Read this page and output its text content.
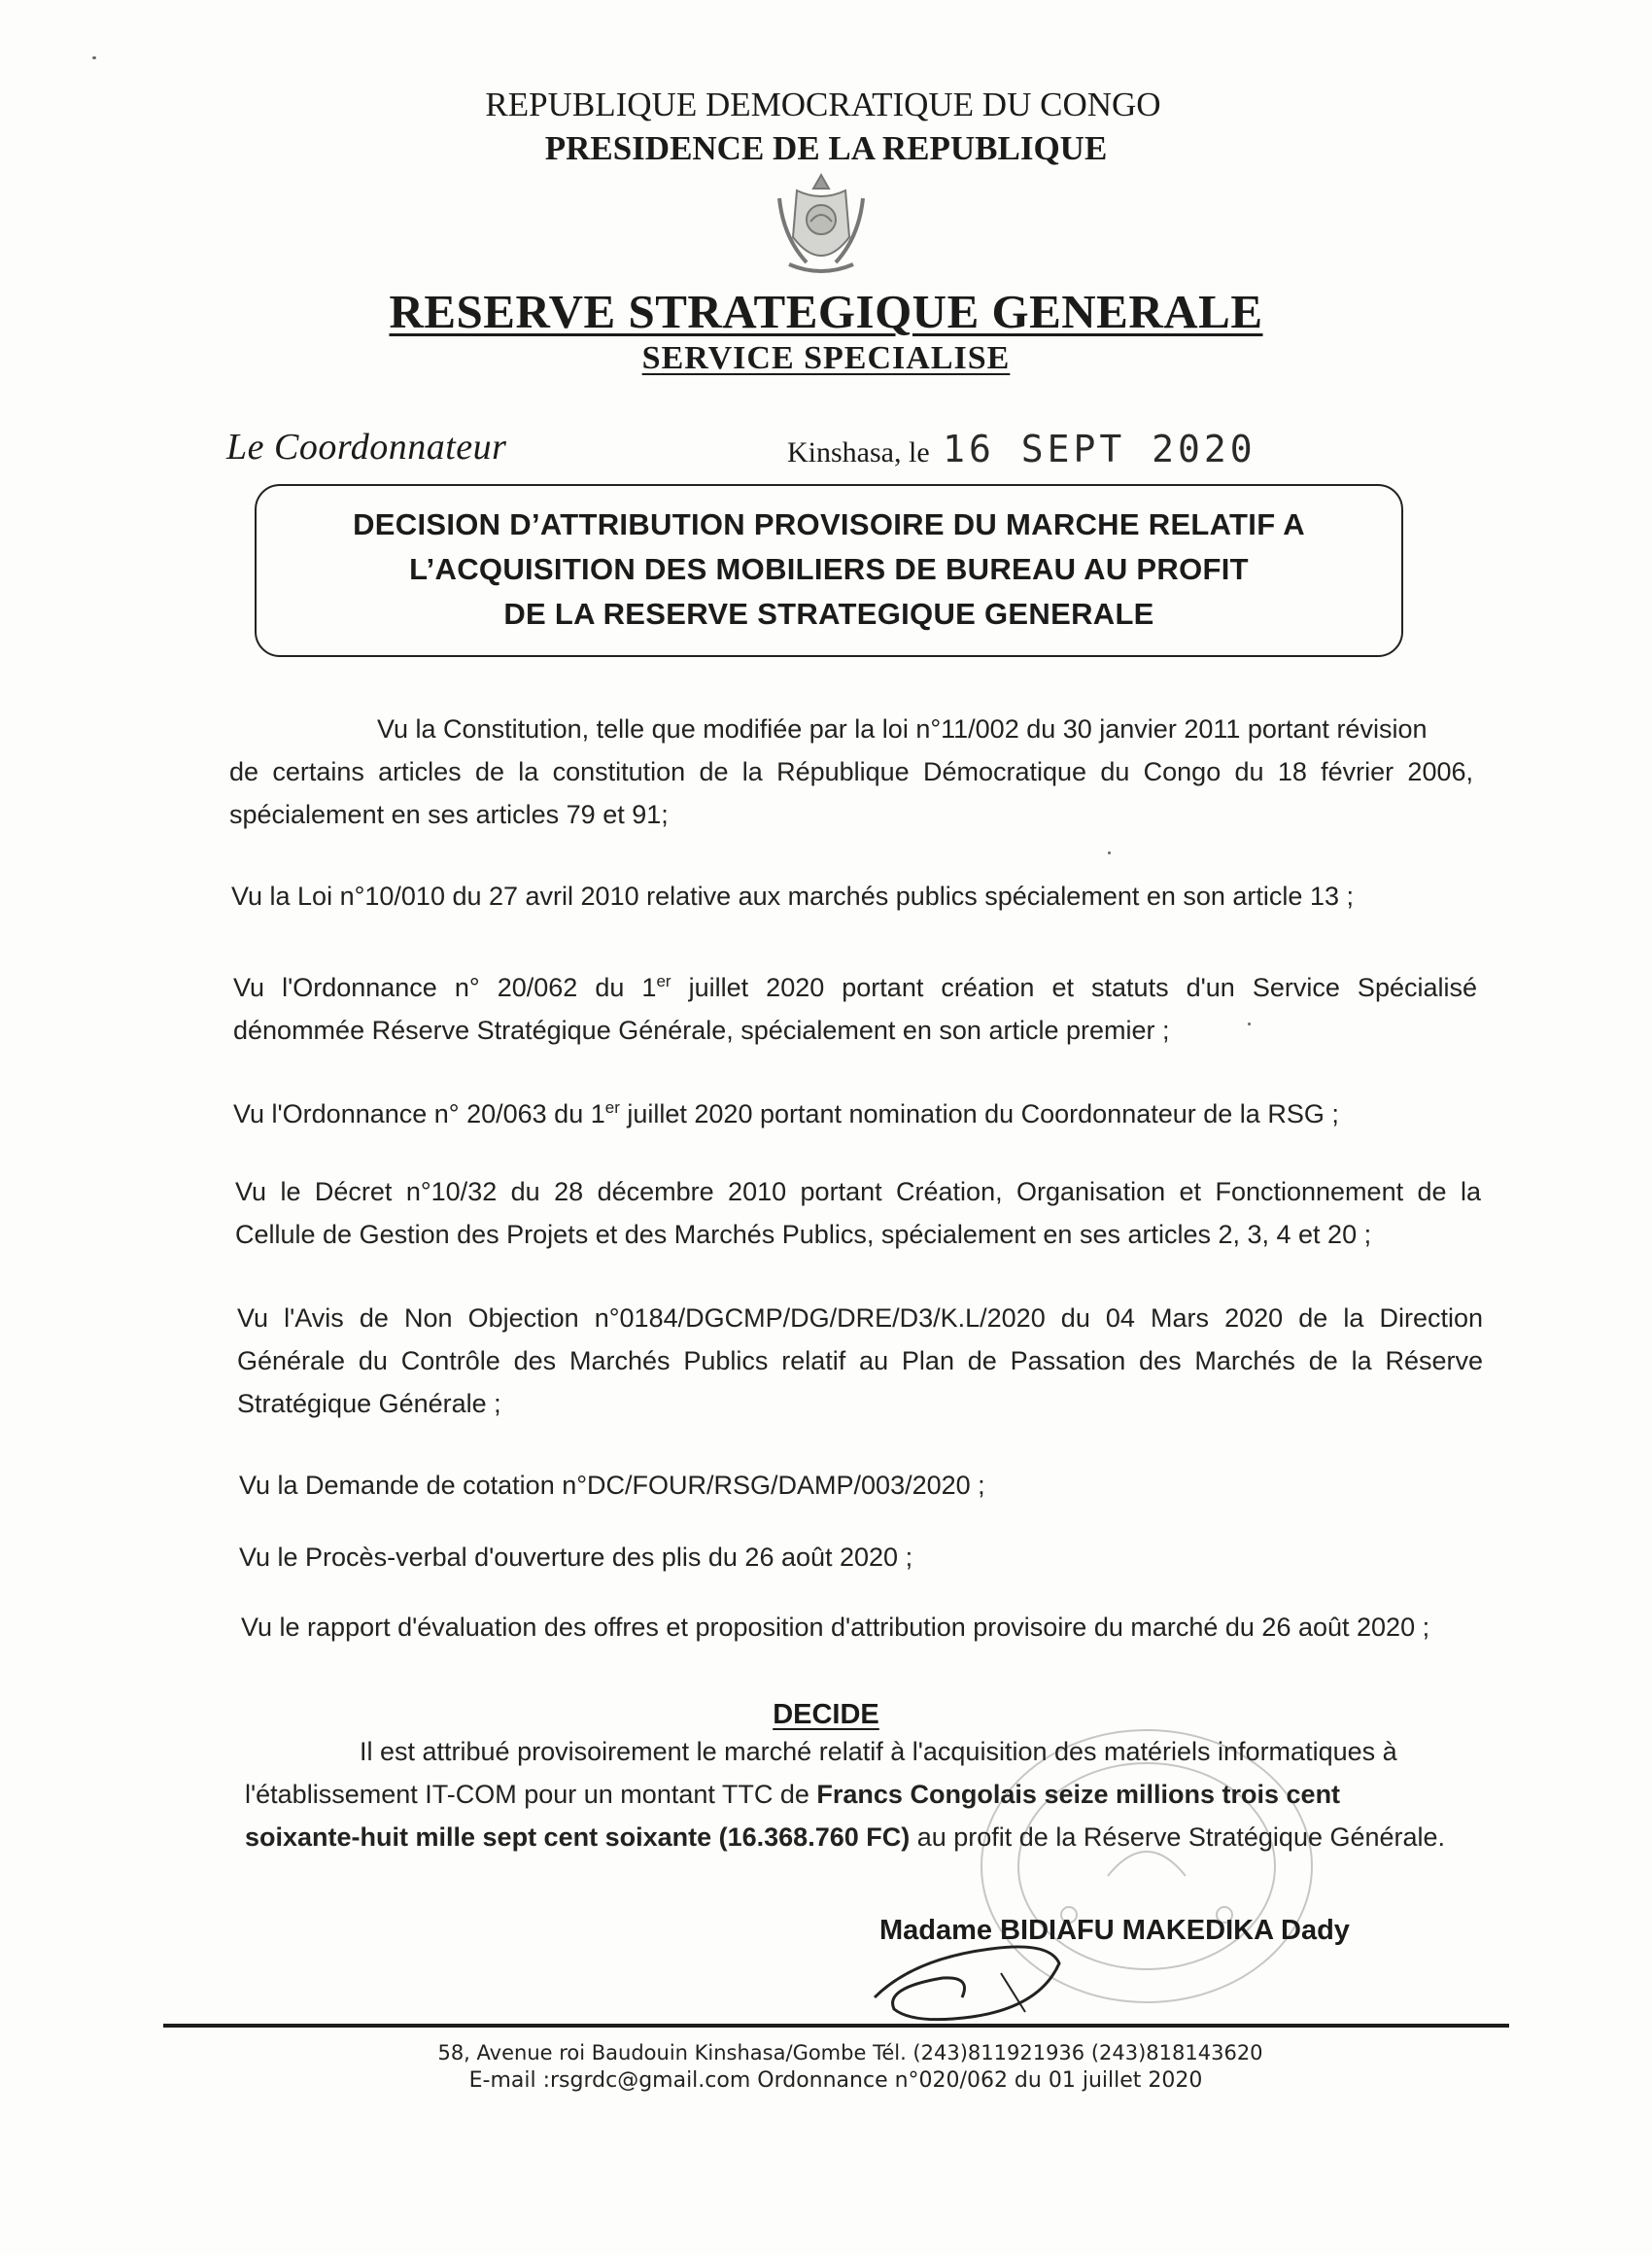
REPUBLIQUE DEMOCRATIQUE DU CONGO
PRESIDENCE DE LA REPUBLIQUE
RESERVE STRATEGIQUE GENERALE
SERVICE SPECIALISE
Le Coordonnateur	Kinshasa, le 16 SEPT 2020
DECISION D’ATTRIBUTION PROVISOIRE DU MARCHE RELATIF A
L’ACQUISITION DES MOBILIERS DE BUREAU AU PROFIT
DE LA RESERVE STRATEGIQUE GENERALE
Vu la Constitution, telle que modifiée par la loi n°11/002 du 30 janvier 2011 portant révision
de certains articles de la constitution de la République Démocratique du Congo du 18 février 2006,
spécialement en ses articles 79 et 91;
Vu la Loi n°10/010 du 27 avril 2010 relative aux marchés publics spécialement en son article 13 ;
Vu l'Ordonnance n° 20/062 du 1er juillet 2020 portant création et statuts d'un Service Spécialisé
dénommée Réserve Stratégique Générale, spécialement en son article premier ;
Vu l'Ordonnance n° 20/063 du 1er juillet 2020 portant nomination du Coordonnateur de la RSG ;
Vu le Décret n°10/32 du 28 décembre 2010 portant Création, Organisation et Fonctionnement de la
Cellule de Gestion des Projets et des Marchés Publics, spécialement en ses articles 2, 3, 4 et 20 ;
Vu l'Avis de Non Objection n°0184/DGCMP/DG/DRE/D3/K.L/2020 du 04 Mars 2020 de la Direction
Générale du Contrôle des Marchés Publics relatif au Plan de Passation des Marchés de la Réserve
Stratégique Générale ;
Vu la Demande de cotation n°DC/FOUR/RSG/DAMP/003/2020 ;
Vu le Procès-verbal d'ouverture des plis du 26 août 2020 ;
Vu le rapport d'évaluation des offres et proposition d'attribution provisoire du marché du 26 août 2020 ;
DECIDE
Il est attribué provisoirement le marché relatif à l'acquisition des matériels informatiques à
l'établissement IT-COM pour un montant TTC de Francs Congolais seize millions trois cent
soixante-huit mille sept cent soixante (16.368.760 FC) au profit de la Réserve Stratégique Générale.
Madame BIDIAFU MAKEDIKA Dady
58, Avenue roi Baudouin Kinshasa/Gombe Tél. (243)811921936 (243)818143620
E-mail :rsgrdc@gmail.com Ordonnance n°020/062 du 01 juillet 2020
